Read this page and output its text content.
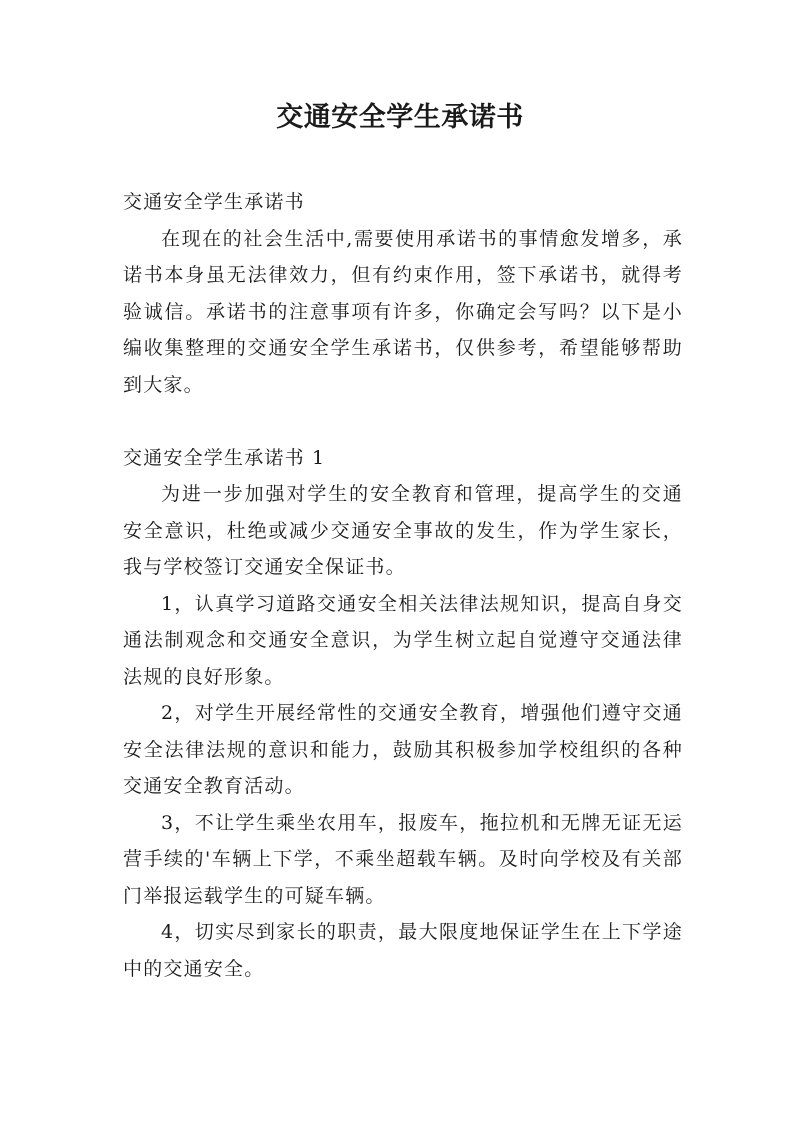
交通安全学生承诺书

交通安全学生承诺书

在现在的社会生活中,需要使用承诺书的事情愈发增多，承诺书本身虽无法律效力，但有约束作用，签下承诺书，就得考验诚信。承诺书的注意事项有许多，你确定会写吗？以下是小编收集整理的交通安全学生承诺书，仅供参考，希望能够帮助到大家。

交通安全学生承诺书 1

为进一步加强对学生的安全教育和管理，提高学生的交通安全意识，杜绝或减少交通安全事故的发生，作为学生家长，我与学校签订交通安全保证书。

1，认真学习道路交通安全相关法律法规知识，提高自身交通法制观念和交通安全意识，为学生树立起自觉遵守交通法律法规的良好形象。

2，对学生开展经常性的交通安全教育，增强他们遵守交通安全法律法规的意识和能力，鼓励其积极参加学校组织的各种交通安全教育活动。

3，不让学生乘坐农用车，报废车，拖拉机和无牌无证无运营手续的'车辆上下学，不乘坐超载车辆。及时向学校及有关部门举报运载学生的可疑车辆。

4，切实尽到家长的职责，最大限度地保证学生在上下学途中的交通安全。
